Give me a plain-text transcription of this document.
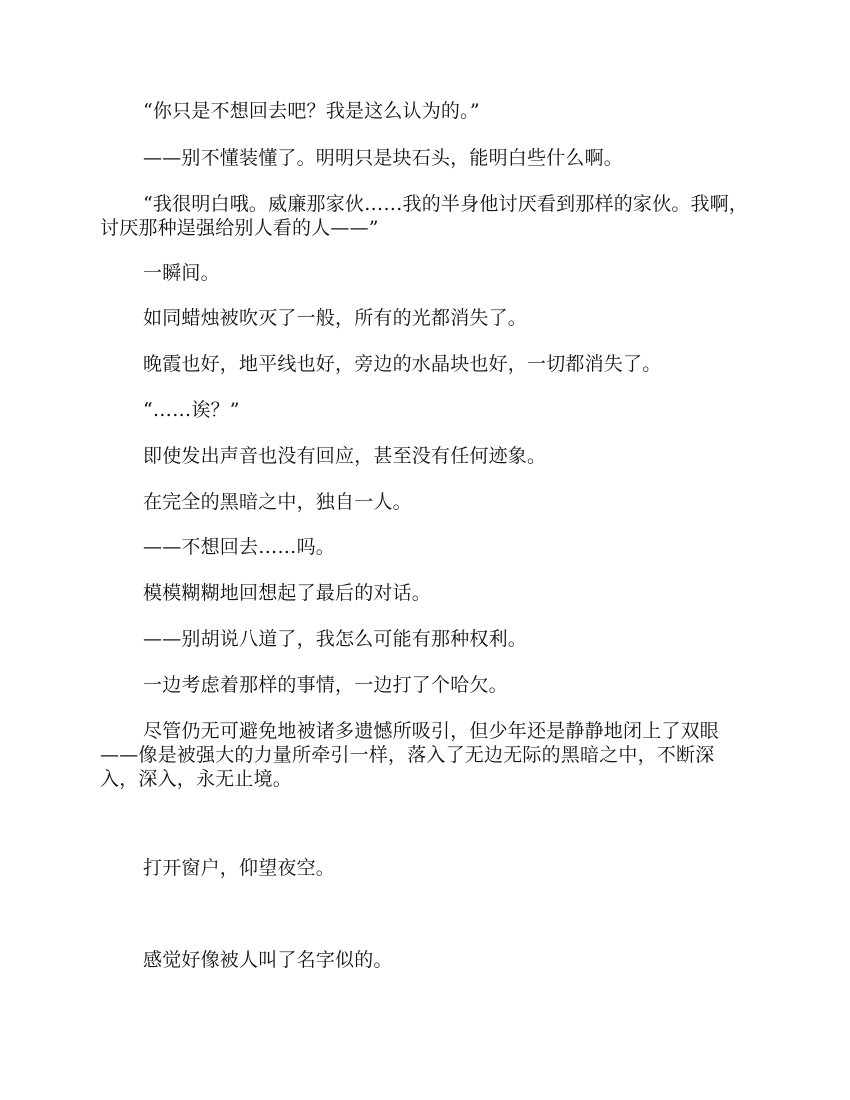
“你只是不想回去吧？我是这么认为的。”

——别不懂装懂了。明明只是块石头，能明白些什么啊。

“我很明白哦。威廉那家伙……我的半身他讨厌看到那样的家伙。我啊，讨厌那种逞强给别人看的人——”

一瞬间。

如同蜡烛被吹灭了一般，所有的光都消失了。

晚霞也好，地平线也好，旁边的水晶块也好，一切都消失了。

“……诶？”

即使发出声音也没有回应，甚至没有任何迹象。

在完全的黑暗之中，独自一人。

——不想回去……吗。

模模糊糊地回想起了最后的对话。

——别胡说八道了，我怎么可能有那种权利。

一边考虑着那样的事情，一边打了个哈欠。

尽管仍无可避免地被诸多遗憾所吸引，但少年还是静静地闭上了双眼——像是被强大的力量所牵引一样，落入了无边无际的黑暗之中，不断深入，深入，永无止境。

打开窗户，仰望夜空。

感觉好像被人叫了名字似的。
